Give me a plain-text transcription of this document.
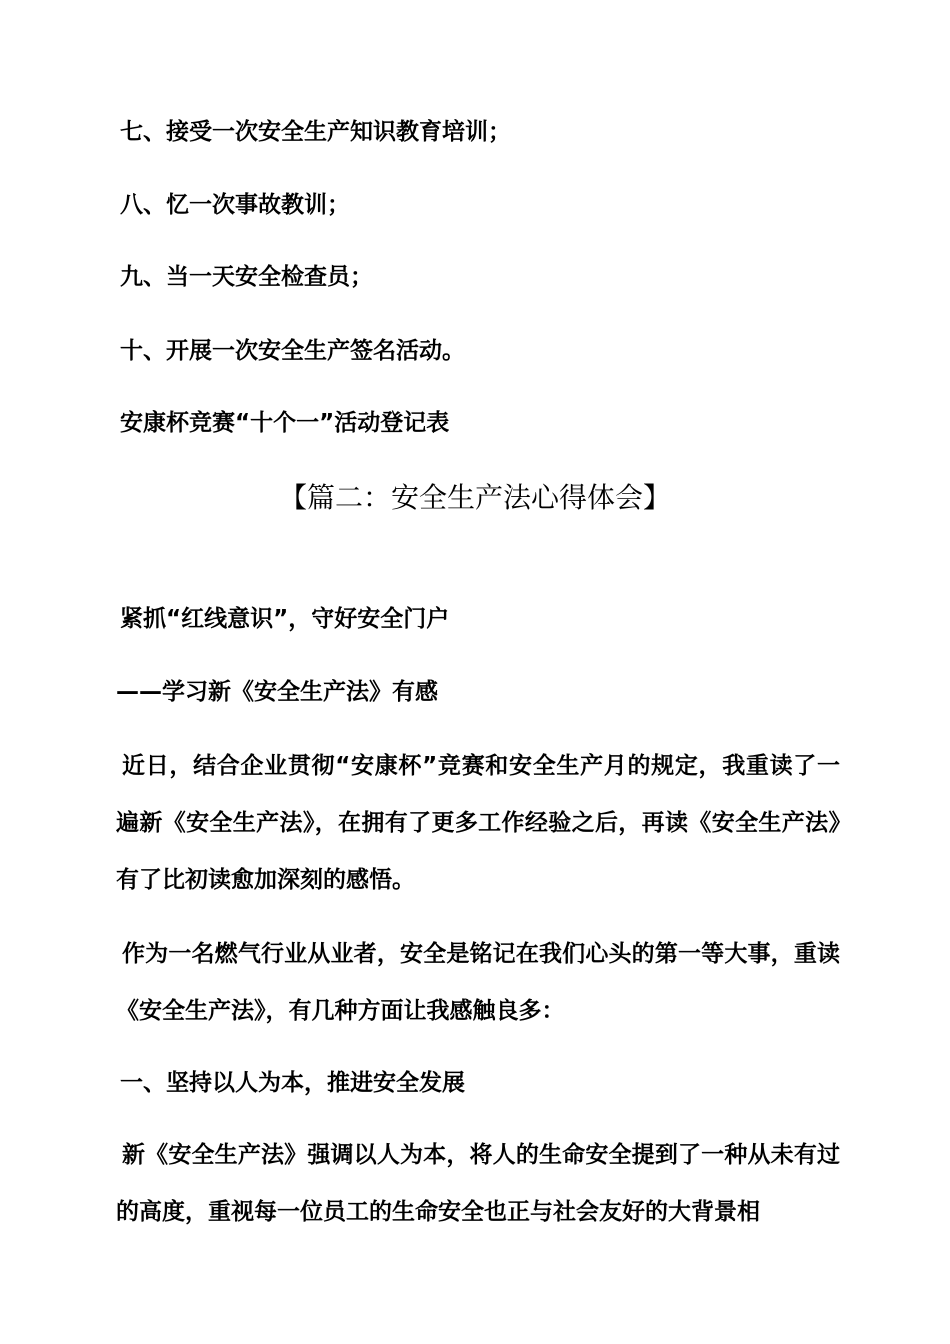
七、接受一次安全生产知识教育培训；
八、忆一次事故教训；
九、当一天安全检查员；
十、开展一次安全生产签名活动。
安康杯竞赛“十个一”活动登记表
【篇二：安全生产法心得体会】
紧抓“红线意识”，守好安全门户
——学习新《安全生产法》有感
近日，结合企业贯彻“安康杯”竞赛和安全生产月的规定，我重读了一遍新《安全生产法》，在拥有了更多工作经验之后，再读《安全生产法》有了比初读愈加深刻的感悟。
作为一名燃气行业从业者，安全是铭记在我们心头的第一等大事，重读《安全生产法》，有几种方面让我感触良多：
一、坚持以人为本，推进安全发展
新《安全生产法》强调以人为本，将人的生命安全提到了一种从未有过的高度，重视每一位员工的生命安全也正与社会友好的大背景相
